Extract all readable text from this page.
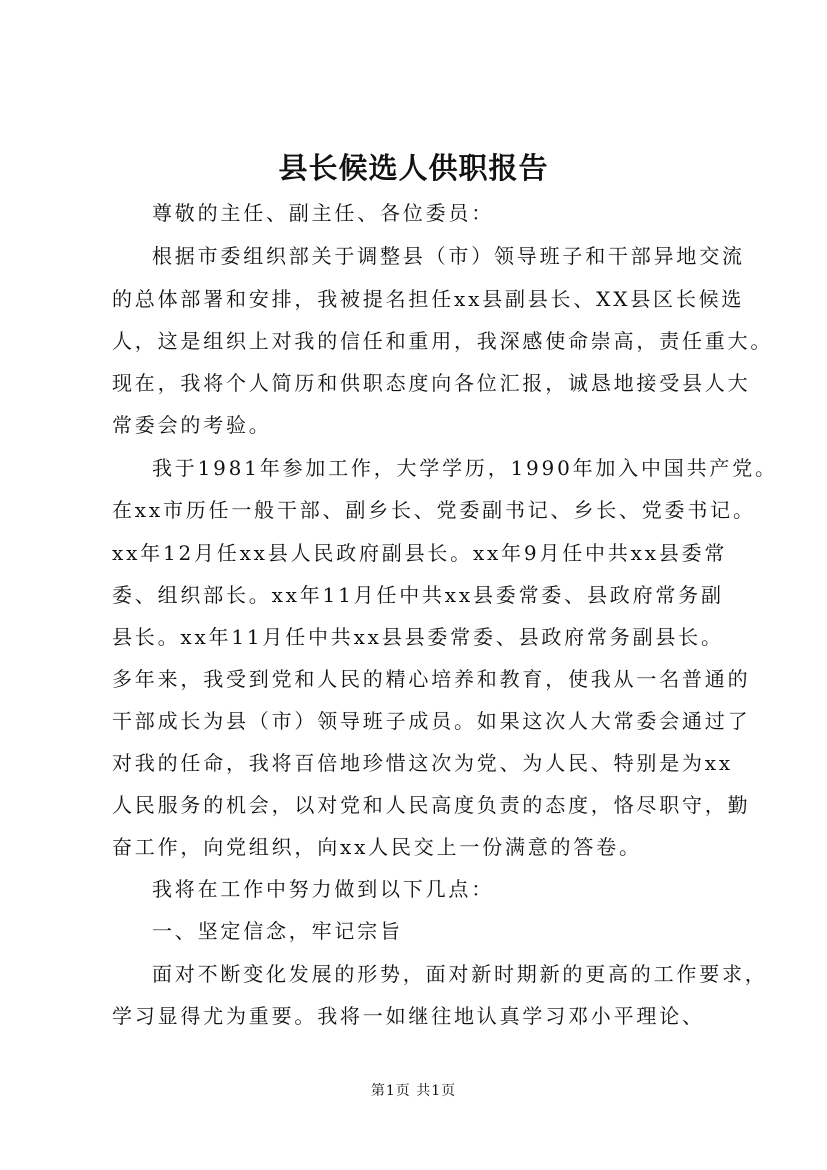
县长候选人供职报告
尊敬的主任、副主任、各位委员：
根据市委组织部关于调整县（市）领导班子和干部异地交流
的总体部署和安排，我被提名担任xx县副县长、XX县区长候选
人，这是组织上对我的信任和重用，我深感使命崇高，责任重大。
现在，我将个人简历和供职态度向各位汇报，诚恳地接受县人大
常委会的考验。
我于1981年参加工作，大学学历，1990年加入中国共产党。
在xx市历任一般干部、副乡长、党委副书记、乡长、党委书记。
xx年12月任xx县人民政府副县长。xx年9月任中共xx县委常
委、组织部长。xx年11月任中共xx县委常委、县政府常务副
县长。xx年11月任中共xx县县委常委、县政府常务副县长。
多年来，我受到党和人民的精心培养和教育，使我从一名普通的
干部成长为县（市）领导班子成员。如果这次人大常委会通过了
对我的任命，我将百倍地珍惜这次为党、为人民、特别是为xx
人民服务的机会，以对党和人民高度负责的态度，恪尽职守，勤
奋工作，向党组织，向xx人民交上一份满意的答卷。
我将在工作中努力做到以下几点：
一、坚定信念，牢记宗旨
面对不断变化发展的形势，面对新时期新的更高的工作要求，
学习显得尤为重要。我将一如继往地认真学习邓小平理论、
第1页 共1页
